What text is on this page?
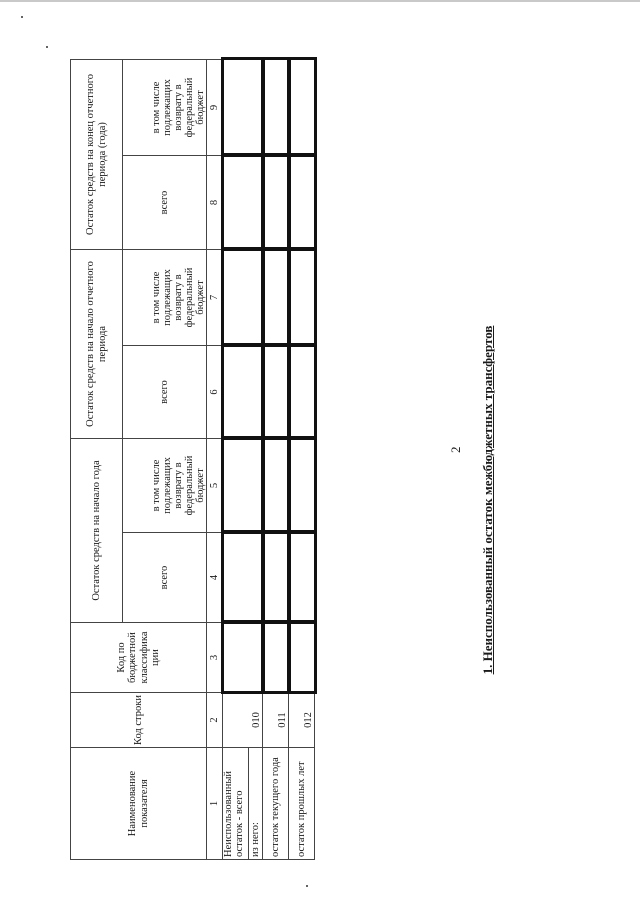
2 1. Неиспользованный остаток межбюджетных трансфертов
Наименование показателя	Код строки	Код по бюджетной классифика ции	Остаток средств на начало года		Остаток средств на начало отчетного периода		Остаток средств на конец отчетного периода (года)	
			всего	в том числе подлежащих возврату в федеральный бюджет	всего	в том числе подлежащих возврату в федеральный бюджет	всего	в том числе подлежащих возврату в федеральный бюджет
1	2	3	4	5	6	7	8	9
Неиспользованный остаток - всего	010							
из него:								
остаток текущего года	011							
остаток прошлых лет	012							
